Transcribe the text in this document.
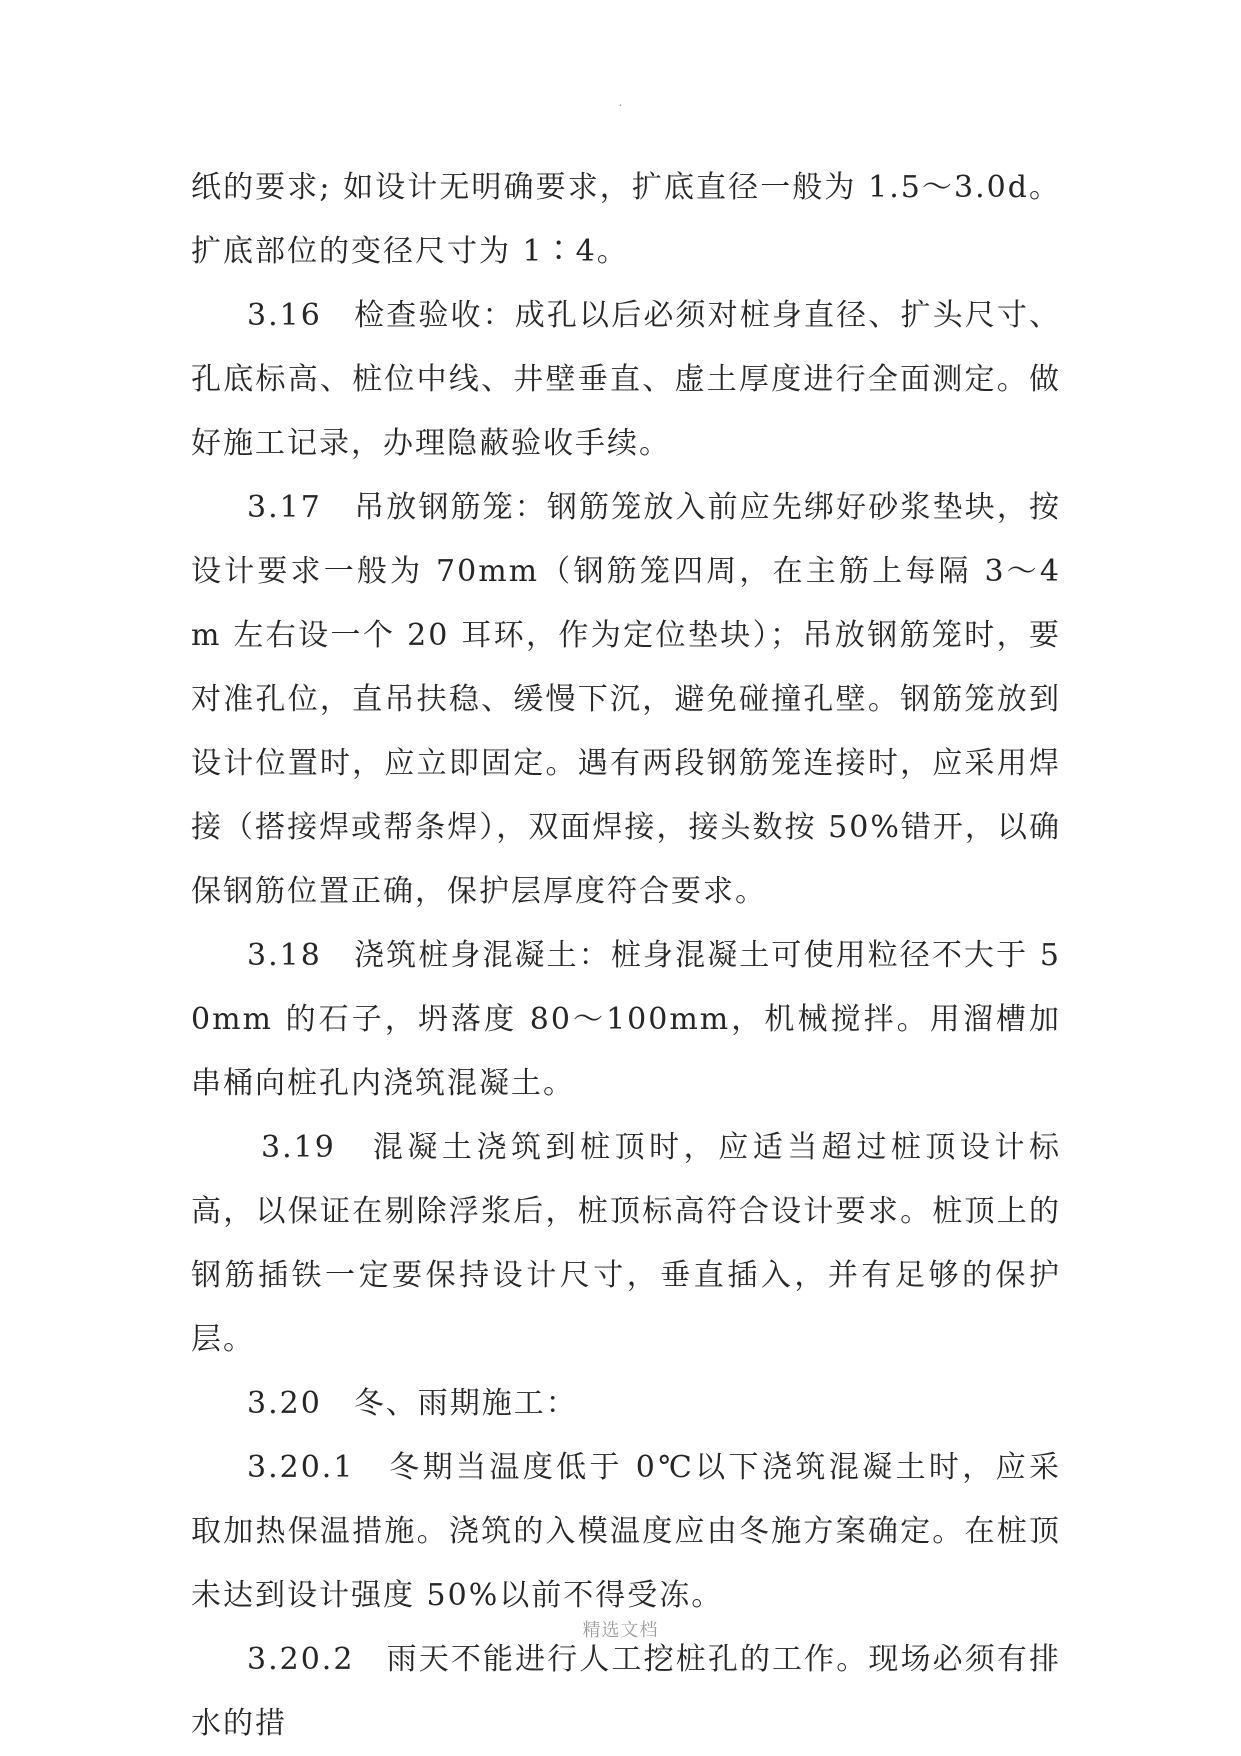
.

纸的要求; 如设计无明确要求，扩底直径一般为 1.5～3.0d。扩底部位的变径尺寸为 1∶4。

3.16　检查验收：成孔以后必须对桩身直径、扩头尺寸、孔底标高、桩位中线、井壁垂直、虚土厚度进行全面测定。做好施工记录，办理隐蔽验收手续。

3.17　吊放钢筋笼：钢筋笼放入前应先绑好砂浆垫块，按设计要求一般为 70mm（钢筋笼四周，在主筋上每隔 3～4m 左右设一个 20 耳环，作为定位垫块）；吊放钢筋笼时，要对准孔位，直吊扶稳、缓慢下沉，避免碰撞孔壁。钢筋笼放到设计位置时，应立即固定。遇有两段钢筋笼连接时，应采用焊接（搭接焊或帮条焊），双面焊接，接头数按 50%错开，以确保钢筋位置正确，保护层厚度符合要求。

3.18　浇筑桩身混凝土：桩身混凝土可使用粒径不大于 50mm 的石子，坍落度 80～100mm，机械搅拌。用溜槽加串桶向桩孔内浇筑混凝土。

3.19　混凝土浇筑到桩顶时，应适当超过桩顶设计标高，以保证在剔除浮浆后，桩顶标高符合设计要求。桩顶上的钢筋插铁一定要保持设计尺寸，垂直插入，并有足够的保护层。

3.20　冬、雨期施工：

3.20.1　冬期当温度低于 0℃以下浇筑混凝土时，应采取加热保温措施。浇筑的入模温度应由冬施方案确定。在桩顶未达到设计强度 50%以前不得受冻。

3.20.2　雨天不能进行人工挖桩孔的工作。现场必须有排水的措

精选文档
